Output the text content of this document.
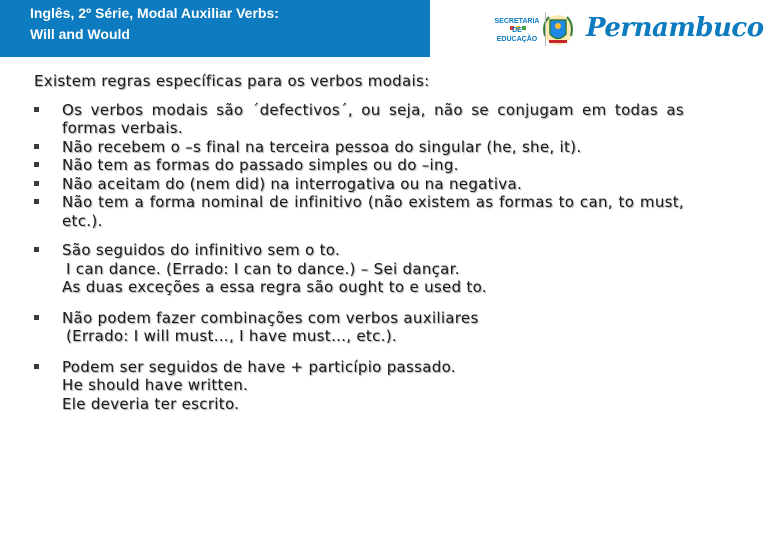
Inglês, 2º Série, Modal Auxiliar Verbs:
Will and Would
SECRETARIA
DE EDUCAÇÃO Pernambuco
Existem regras específicas para os verbos modais:
Os verbos modais são ´defectivos´, ou seja, não se conjugam em todas as formas verbais.
Não recebem o –s final na terceira pessoa do singular (he, she, it).
Não tem as formas do passado simples ou do –ing.
Não aceitam do (nem did) na interrogativa ou na negativa.
Não tem a forma nominal de infinitivo (não existem as formas to can, to must, etc.).
São seguidos do infinitivo sem o to.
I can dance. (Errado: I can to dance.) – Sei dançar.
As duas exceções a essa regra são ought to e used to.
Não podem fazer combinações com verbos auxiliares
(Errado: I will must…, I have must…, etc.).
Podem ser seguidos de have + particípio passado.
He should have written.
Ele deveria ter escrito.
